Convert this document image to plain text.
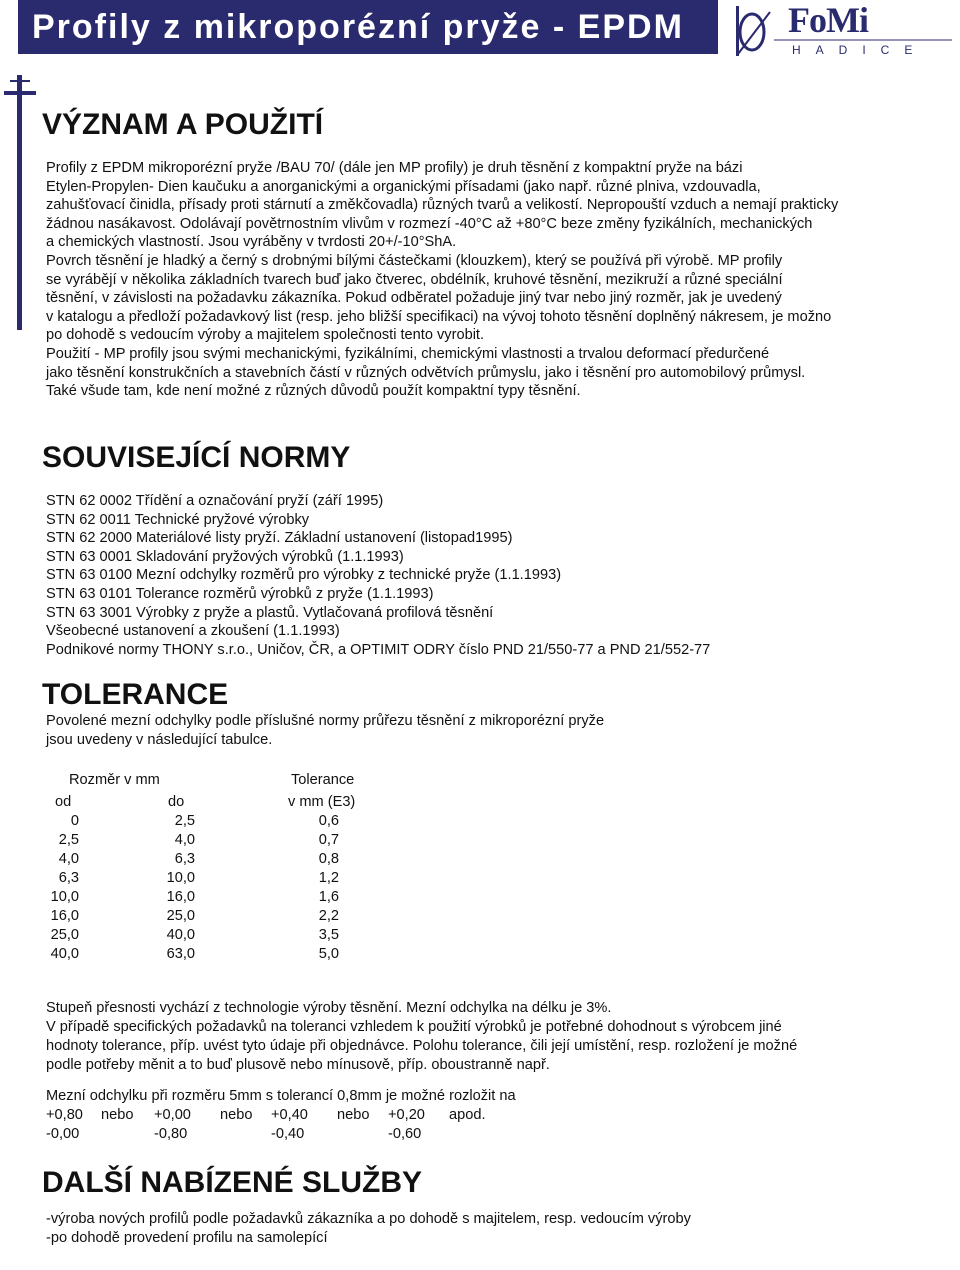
Profily z mikroporézní pryže - EPDM	FoMi
HADICE
VÝZNAM A POUŽITÍ
Profily z EPDM mikroporézní pryže /BAU 70/ (dále jen MP profily) je druh těsnění z kompaktní pryže na bázi
Etylen-Propylen- Dien kaučuku a anorganickými a organickými přísadami (jako např. různé plniva, vzdouvadla,
zahušťovací činidla, přísady proti stárnutí a změkčovadla) různých tvarů a velikostí. Nepropouští vzduch a nemají prakticky
žádnou nasákavost. Odolávají povětrnostním vlivům v rozmezí -40°C až +80°C beze změny fyzikálních, mechanických
a chemických vlastností. Jsou vyráběny v tvrdosti 20+/-10°ShA.
Povrch těsnění je hladký a černý s drobnými bílými částečkami (klouzkem), který se používá při výrobě. MP profily
se vyrábějí v několika základních tvarech buď jako čtverec, obdélník, kruhové těsnění, mezikruží a různé speciální
těsnění, v závislosti na požadavku zákazníka. Pokud odběratel požaduje jiný tvar nebo jiný rozměr, jak je uvedený
v katalogu a předloží požadavkový list (resp. jeho bližší specifikaci) na vývoj tohoto těsnění doplněný nákresem, je možno
po dohodě s vedoucím výroby a majitelem společnosti tento vyrobit.
Použití - MP profily jsou svými mechanickými, fyzikálními, chemickými vlastnosti a trvalou deformací předurčené
jako těsnění konstrukčních a stavebních částí v různých odvětvích průmyslu, jako i těsnění pro automobilový průmysl.
Také všude tam, kde není možné z různých důvodů použít kompaktní typy těsnění.
SOUVISEJÍCÍ NORMY
STN 62 0002 Třídění a označování pryží (září 1995)
STN 62 0011 Technické pryžové výrobky
STN 62 2000 Materiálové listy pryží. Základní ustanovení (listopad1995)
STN 63 0001 Skladování pryžových výrobků (1.1.1993)
STN 63 0100 Mezní odchylky rozměrů pro výrobky z technické pryže (1.1.1993)
STN 63 0101 Tolerance rozměrů výrobků z pryže (1.1.1993)
STN 63 3001 Výrobky z pryže a plastů. Vytlačovaná profilová těsnění
Všeobecné ustanovení a zkoušení (1.1.1993)
Podnikové normy THONY s.r.o., Uničov, ČR, a OPTIMIT ODRY číslo PND 21/550-77 a PND 21/552-77
TOLERANCE
Povolené mezní odchylky podle příslušné normy průřezu těsnění z mikroporézní pryže
jsou uvedeny v následující tabulce.
Rozměr v mm	Tolerance
od	do	v mm (E3)
0	2,5	0,6
2,5	4,0	0,7
4,0	6,3	0,8
6,3	10,0	1,2
10,0	16,0	1,6
16,0	25,0	2,2
25,0	40,0	3,5
40,0	63,0	5,0
Stupeň přesnosti vychází z technologie výroby těsnění. Mezní odchylka na délku je 3%.
V případě specifických požadavků na toleranci vzhledem k použití výrobků je potřebné dohodnout s výrobcem jiné
hodnoty tolerance, příp. uvést tyto údaje při objednávce. Polohu tolerance, čili její umístění, resp. rozložení je možné
podle potřeby měnit a to buď plusově nebo mínusově, příp. oboustranně např.
Mezní odchylku při rozměru 5mm s tolerancí 0,8mm je možné rozložit na
+0,80 nebo +0,00 nebo +0,40 nebo +0,20 apod.
-0,00	-0,80	-0,40	-0,60
DALŠÍ NABÍZENÉ SLUŽBY
-výroba nových profilů podle požadavků zákazníka a po dohodě s majitelem, resp. vedoucím výroby
-po dohodě provedení profilu na samolepící
